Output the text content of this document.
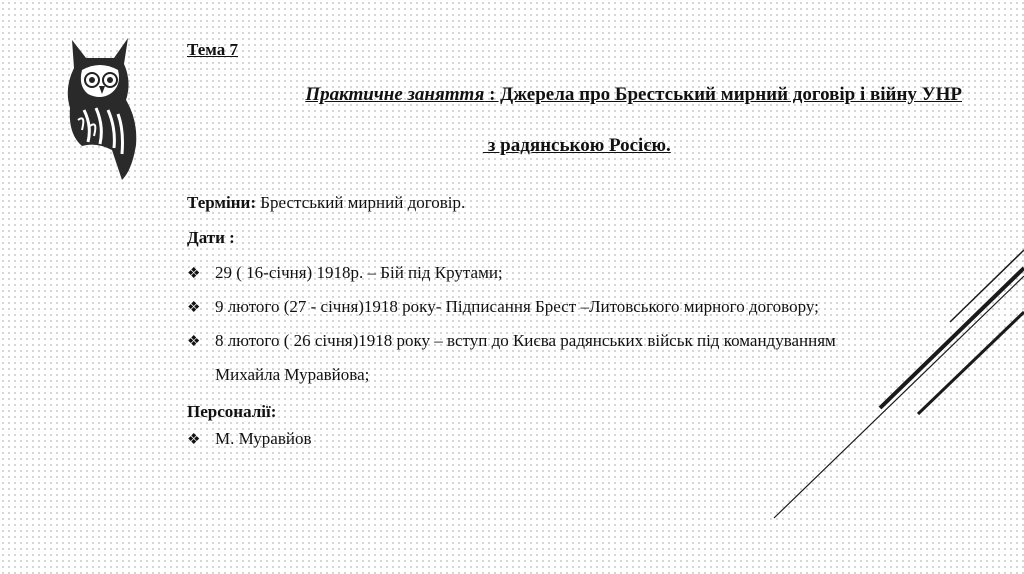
Тема 7
Практичне заняття : Джерела про Брестський мирний договір і війну УНР
з радянською Росією.
Терміни: Брестський мирний договір.
Дати :
❖ 29 ( 16-січня) 1918р. – Бій під Крутами;
❖ 9 лютого (27 - січня)1918 року- Підписання Брест –Литовського мирного договору;
❖ 8 лютого ( 26 січня)1918 року – вступ до Києва радянських військ під командуванням
Михайла Муравйова;
Персоналії:
❖ М. Муравйов
